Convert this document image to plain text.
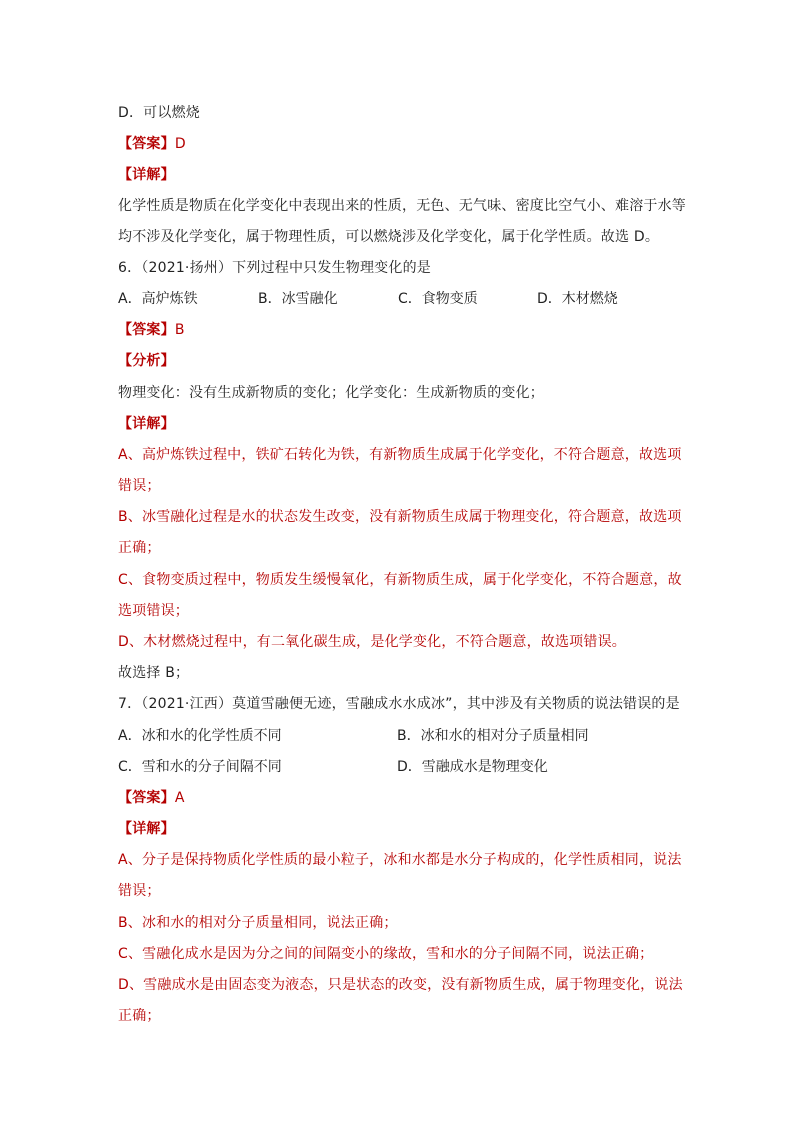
D．可以燃烧
【答案】D
【详解】
化学性质是物质在化学变化中表现出来的性质，无色、无气味、密度比空气小、难溶于水等
均不涉及化学变化，属于物理性质，可以燃烧涉及化学变化，属于化学性质。故选 D。
6．（2021·扬州）下列过程中只发生物理变化的是
A．高炉炼铁	B．冰雪融化	C．食物变质	D．木材燃烧
【答案】B
【分析】
物理变化：没有生成新物质的变化；化学变化：生成新物质的变化；
【详解】
A、高炉炼铁过程中，铁矿石转化为铁，有新物质生成属于化学变化，不符合题意，故选项
错误；
B、冰雪融化过程是水的状态发生改变，没有新物质生成属于物理变化，符合题意，故选项
正确；
C、食物变质过程中，物质发生缓慢氧化，有新物质生成，属于化学变化，不符合题意，故
选项错误；
D、木材燃烧过程中，有二氧化碳生成，是化学变化，不符合题意，故选项错误。
故选择 B；
7．（2021·江西）莫道雪融便无迹，雪融成水水成冰”，其中涉及有关物质的说法错误的是
A．冰和水的化学性质不同	B．冰和水的相对分子质量相同
C．雪和水的分子间隔不同	D．雪融成水是物理变化
【答案】A
【详解】
A、分子是保持物质化学性质的最小粒子，冰和水都是水分子构成的，化学性质相同，说法
错误；
B、冰和水的相对分子质量相同，说法正确；
C、雪融化成水是因为分之间的间隔变小的缘故，雪和水的分子间隔不同，说法正确；
D、雪融成水是由固态变为液态，只是状态的改变，没有新物质生成，属于物理变化，说法
正确；
